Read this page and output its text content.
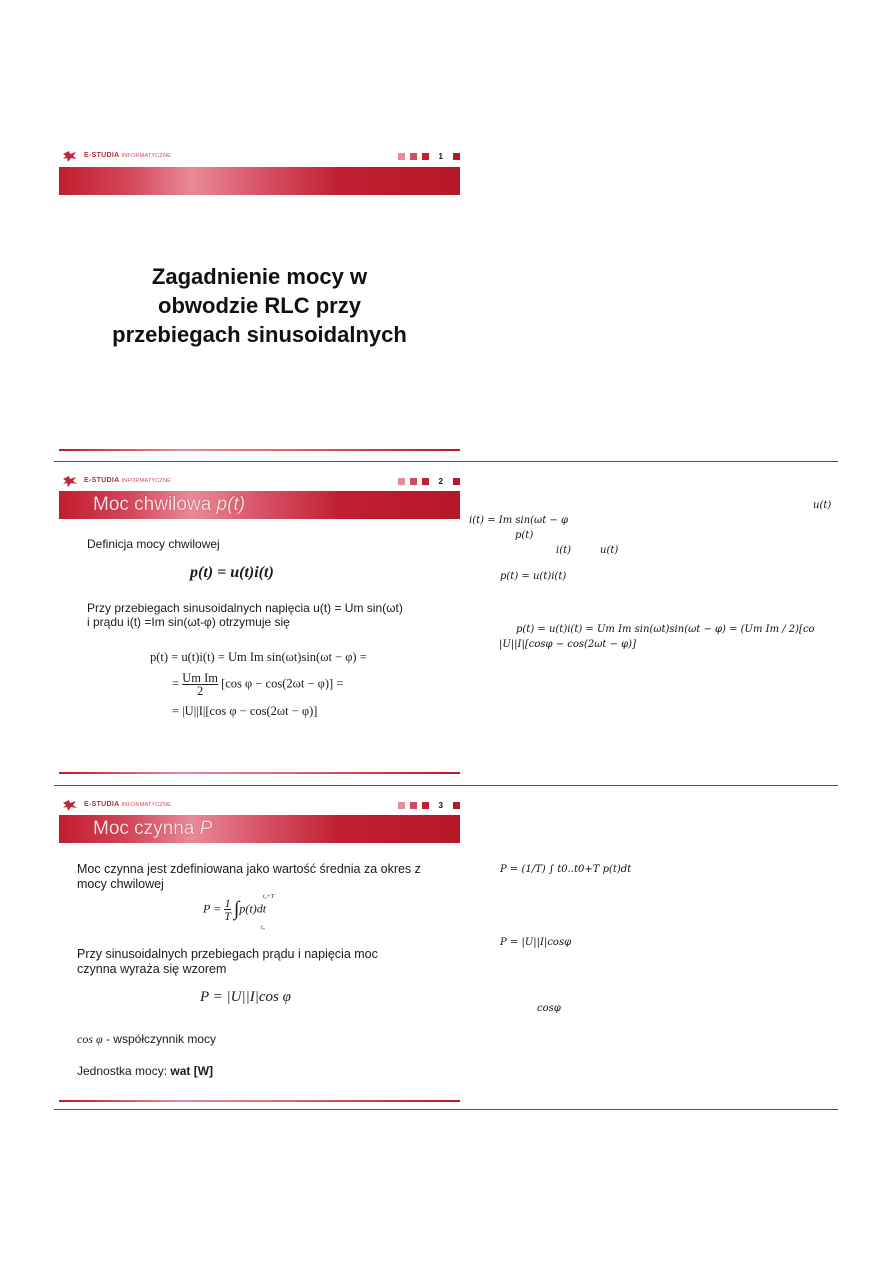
E-STUDIA INFORMATYCZNE	1
Zagadnienie mocy w
obwodzie RLC przy
przebiegach sinusoidalnych
E-STUDIA INFORMATYCZNE	2
Moc chwilowa p(t)
Definicja mocy chwilowej
p(t) = u(t)i(t)
Przy przebiegach sinusoidalnych napięcia u(t) = Um sin(ωt)
i prądu i(t) =Im sin(ωt-φ) otrzymuje się
p(t) = u(t)i(t) = Um Im sin(ωt)sin(ωt − φ) =
= $\frac{\text{Um Im}}{2} [\cos$ φ − cos(2ωt − φ)] =
= |U||I|[cos φ − cos(2ωt − φ)]
u(t)
i(t) = Im sin(ωt − φ
p(t)
i(t)	u(t)
p(t) = u(t)i(t)
p(t) = u(t)i(t) = Um Im sin(ωt)sin(ωt − φ) = (Um Im / 2)[co
|U||I|[cosφ − cos(2ωt − φ)]
E-STUDIA INFORMATYCZNE	3
Moc czynna P
Moc czynna jest zdefiniowana jako wartość średnia za okres z
mocy chwilowej
$P = \frac{1}{T} \int p(t)dt$
t₀+T
t₀
Przy sinusoidalnych przebiegach prądu i napięcia moc
czynna wyraża się wzorem
P = |U||I|cos φ
cos φ - współczynnik mocy
Jednostka mocy: wat [W]
P = (1/T) ∫ t0..t0+T p(t)dt
P = |U||I|cosφ
cosφ
